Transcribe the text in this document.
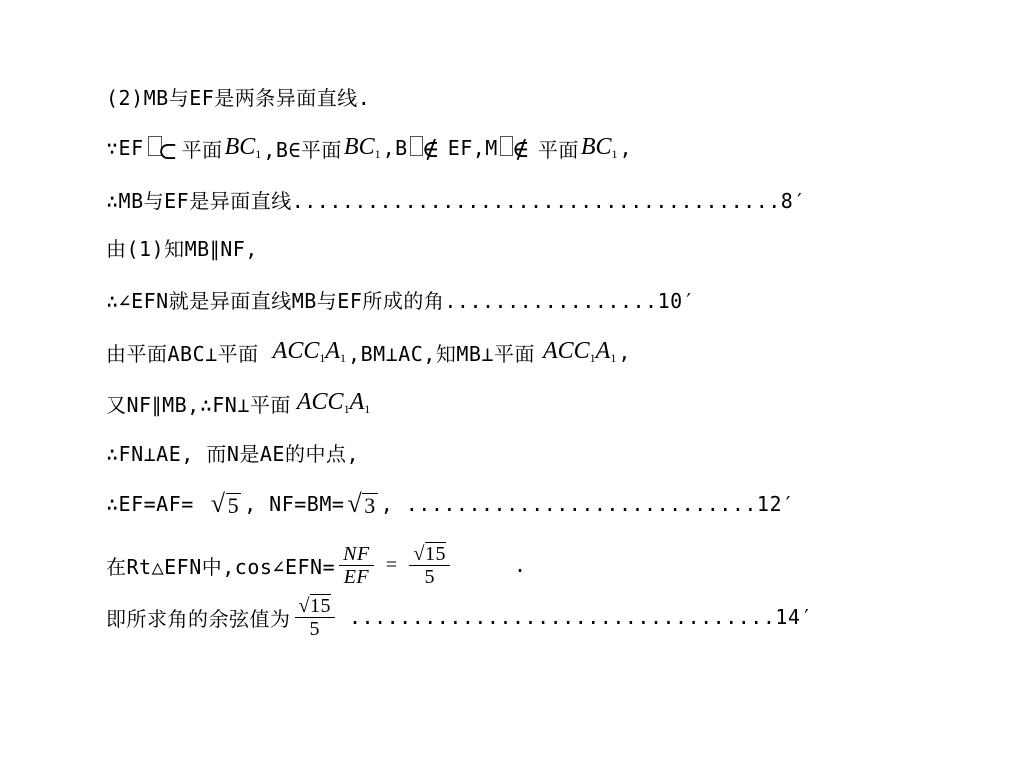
(2)MB与EF是两条异面直线.
∵EF ⊂ 平面 $BC_1$ ,B∈平面 $BC_1$ ,B ∉ EF,M ∉ 平面 $BC_1$ ,
∴MB与EF是异面直线.......................................8′
由(1)知MB∥NF,
∴∠EFN就是异面直线MB与EF所成的角.................10′
由平面ABC⊥平面 $ACC_1A_1$ ,BM⊥AC,知MB⊥平面 $ACC_1A_1$ ,
又NF∥MB,∴FN⊥平面 $ACC_1A_1$
∴FN⊥AE, 而N是AE的中点,
∴EF=AF= √ 5 , NF=BM= √ 3 , ............................12′
在Rt△EFN中,cos∠EFN= $\frac{NF}{EF} = \frac{√15}{5}$	.
即所求角的余弦值为 $\frac{√15}{5} ..................................14'$
